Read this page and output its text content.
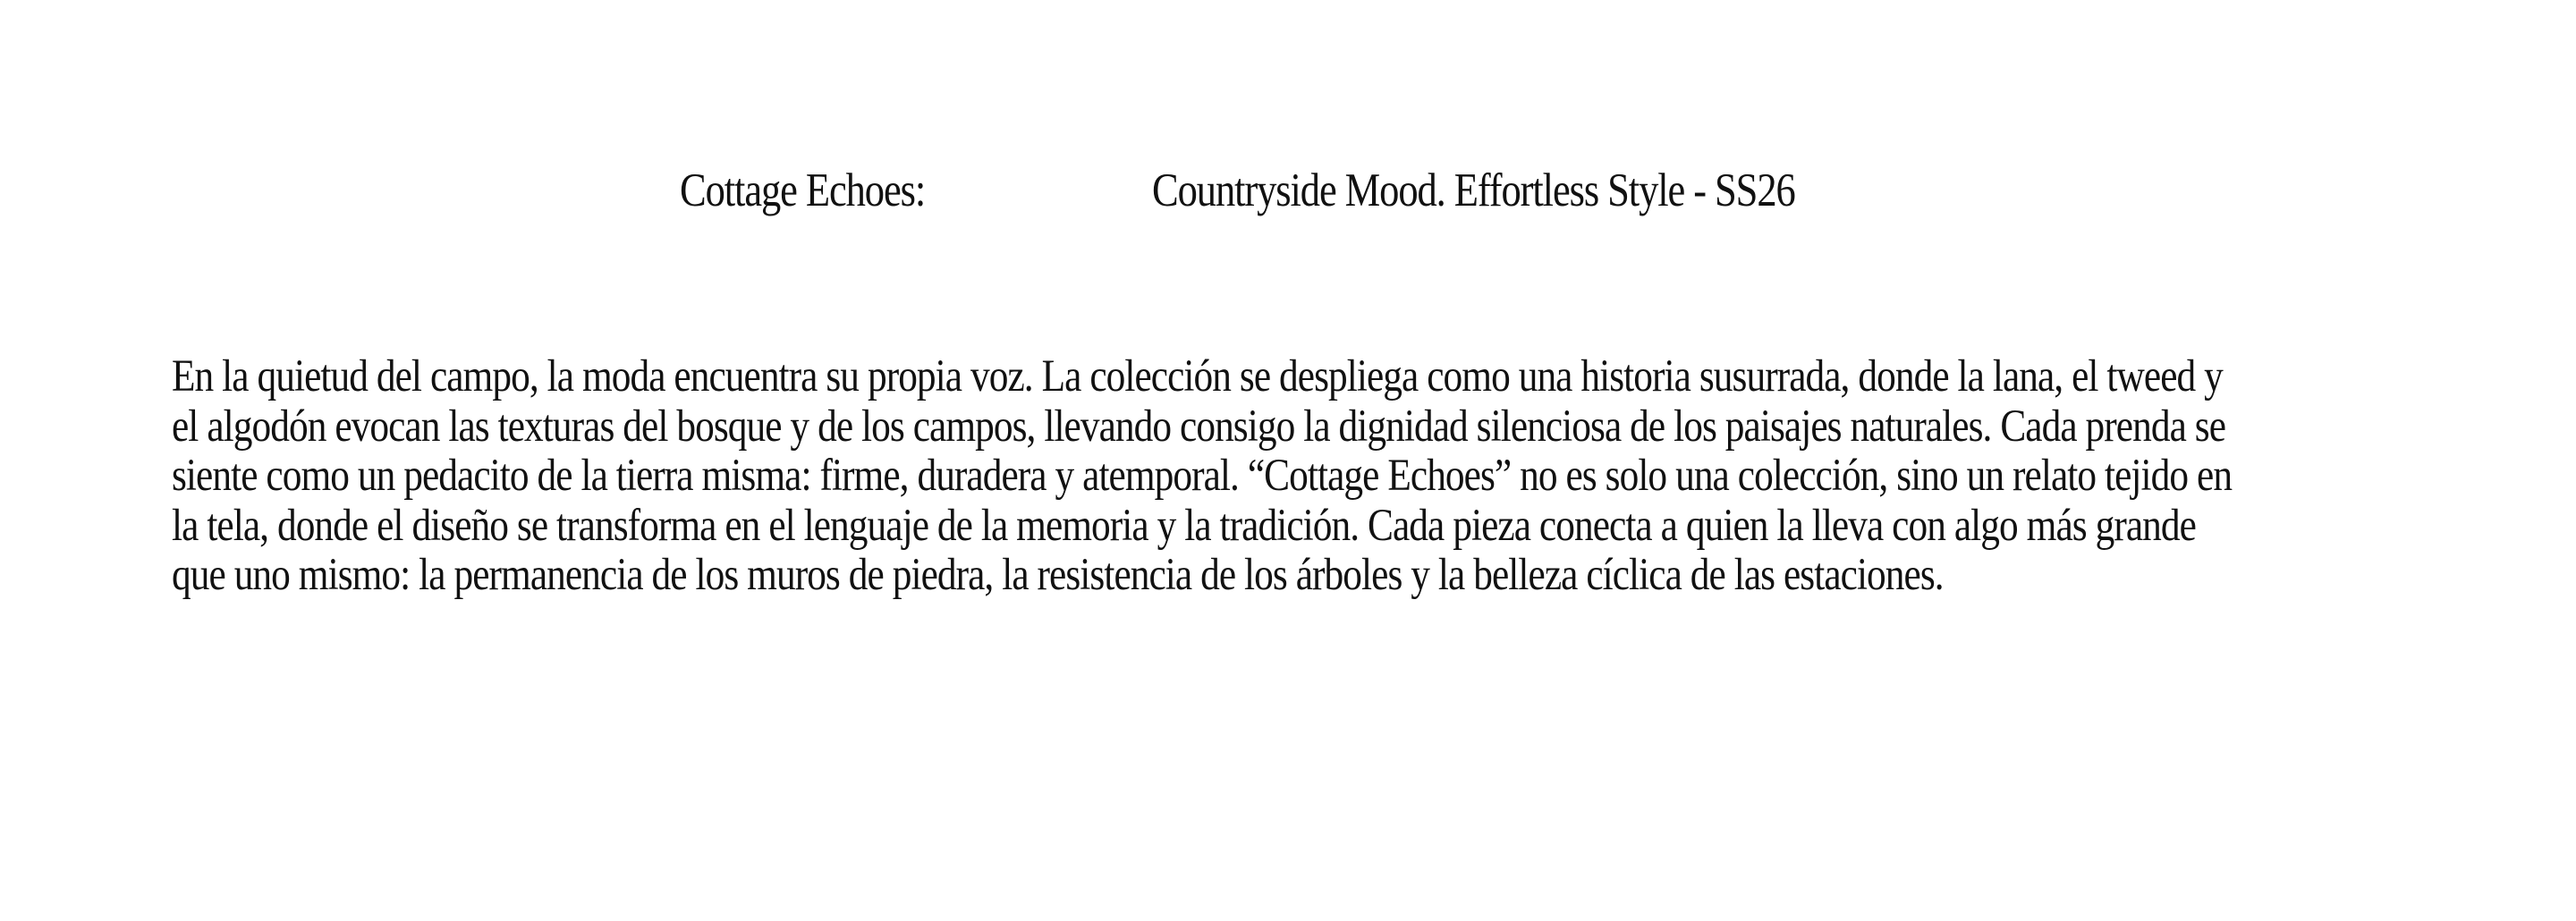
Cottage Echoes:	Countryside Mood. Effortless Style - SS26
En la quietud del campo, la moda encuentra su propia voz. La colección se despliega como una historia susurrada, donde la lana, el tweed y
el algodón evocan las texturas del bosque y de los campos, llevando consigo la dignidad silenciosa de los paisajes naturales. Cada prenda se
siente como un pedacito de la tierra misma: firme, duradera y atemporal. “Cottage Echoes” no es solo una colección, sino un relato tejido en
la tela, donde el diseño se transforma en el lenguaje de la memoria y la tradición. Cada pieza conecta a quien la lleva con algo más grande
que uno mismo: la permanencia de los muros de piedra, la resistencia de los árboles y la belleza cíclica de las estaciones.
